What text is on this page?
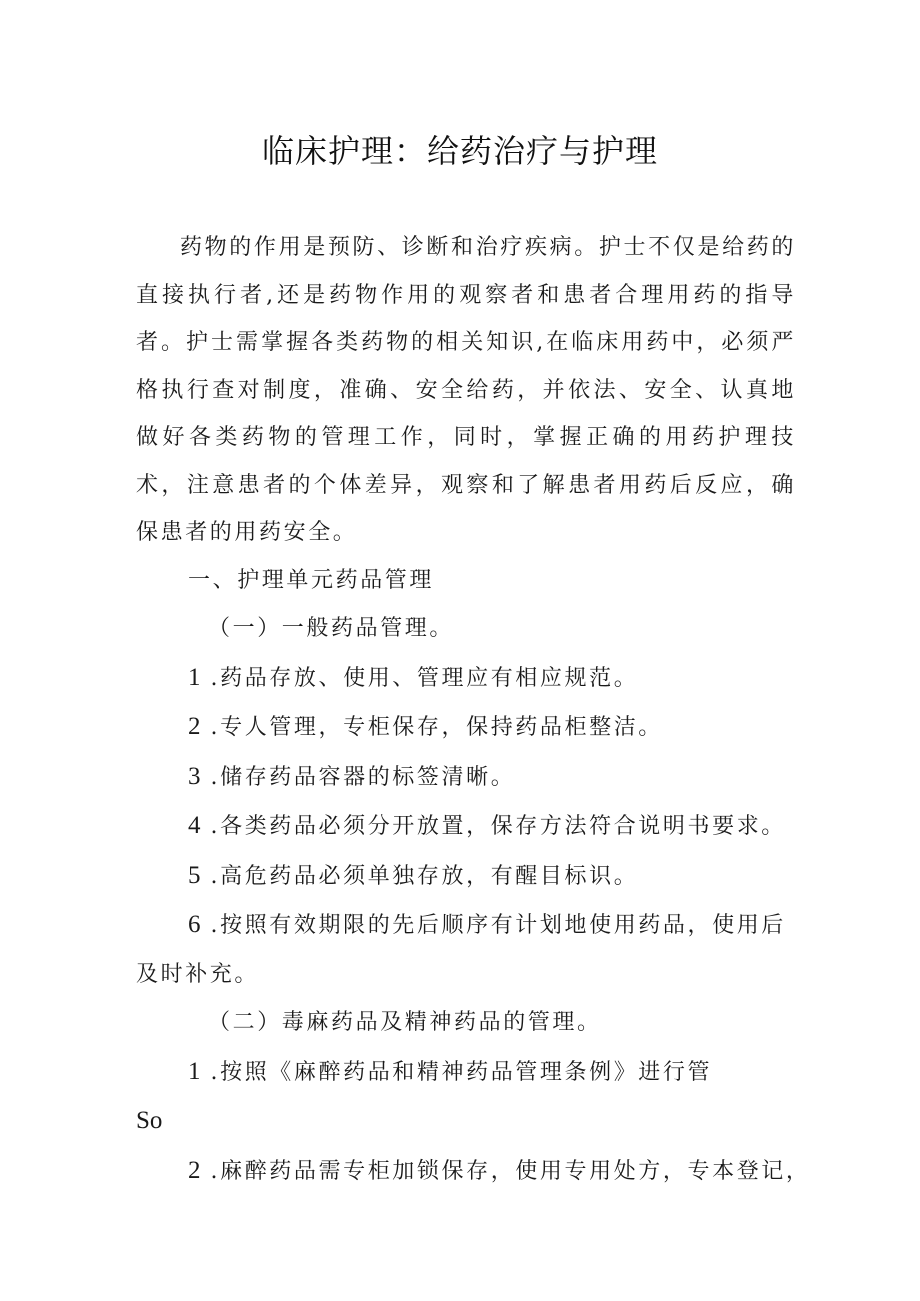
临床护理：给药治疗与护理

药物的作用是预防、诊断和治疗疾病。护士不仅是给药的直接执行者,还是药物作用的观察者和患者合理用药的指导者。护士需掌握各类药物的相关知识,在临床用药中，必须严格执行查对制度，准确、安全给药，并依法、安全、认真地做好各类药物的管理工作，同时，掌握正确的用药护理技术，注意患者的个体差异，观察和了解患者用药后反应，确保患者的用药安全。

一、护理单元药品管理

（一）一般药品管理。

1 .药品存放、使用、管理应有相应规范。

2 .专人管理，专柜保存，保持药品柜整洁。

3 .储存药品容器的标签清晰。

4 .各类药品必须分开放置，保存方法符合说明书要求。

5 .高危药品必须单独存放，有醒目标识。

6 .按照有效期限的先后顺序有计划地使用药品，使用后及时补充。

（二）毒麻药品及精神药品的管理。

1 .按照《麻醉药品和精神药品管理条例》进行管

So

2 .麻醉药品需专柜加锁保存，使用专用处方，专本登记，
